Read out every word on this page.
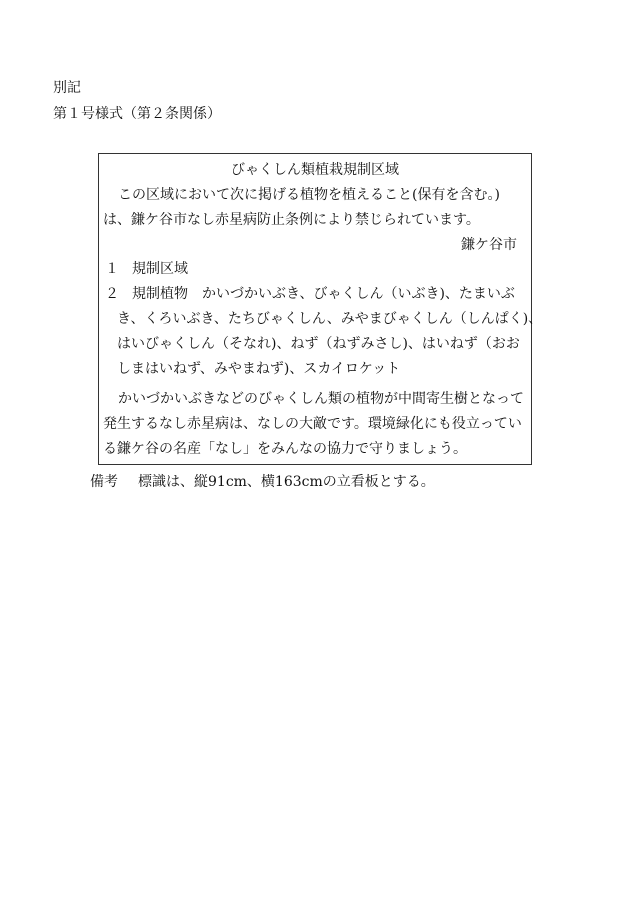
別記
第１号様式（第２条関係）
びゃくしん類植栽規制区域
この区域において次に掲げる植物を植えること(保有を含む。)
は、鎌ケ谷市なし赤星病防止条例により禁じられています。
鎌ケ谷市
１ 規制区域
２ 規制植物 かいづかいぶき、びゃくしん（いぶき)、たまいぶ
き、くろいぶき、たちびゃくしん、みやまびゃくしん（しんぱく)、
はいびゃくしん（そなれ)、ねず（ねずみさし)、はいねず（おお
しまはいねず、みやまねず)、スカイロケット
かいづかいぶきなどのびゃくしん類の植物が中間寄生樹となって
発生するなし赤星病は、なしの大敵です。環境緑化にも役立ってい
る鎌ケ谷の名産「なし」をみんなの協力で守りましょう。
備考 標識は、縦91cm、横163cmの立看板とする。
